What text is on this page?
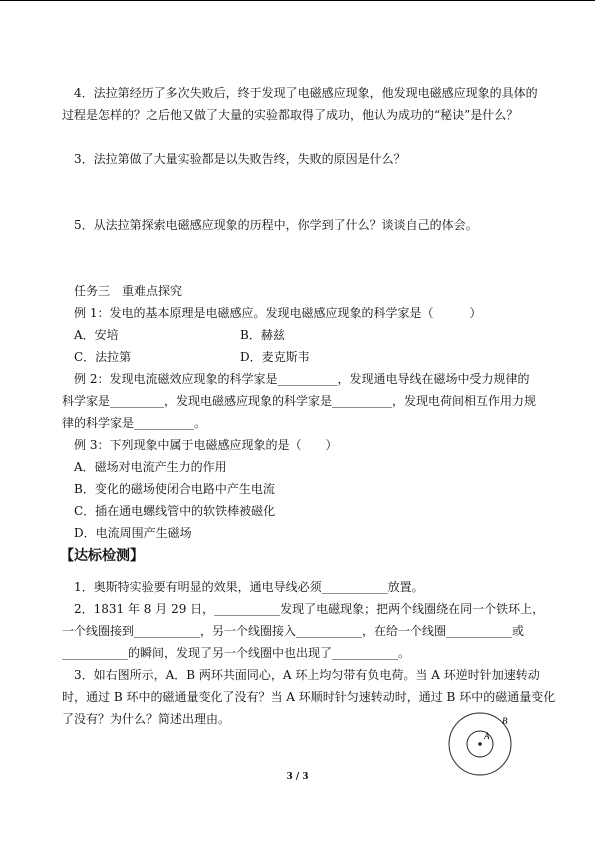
4．法拉第经历了多次失败后，终于发现了电磁感应现象，他发现电磁感应现象的具体的
过程是怎样的？之后他又做了大量的实验都取得了成功，他认为成功的“秘诀”是什么？
3．法拉第做了大量实验都是以失败告终，失败的原因是什么？
5．从法拉第探索电磁感应现象的历程中，你学到了什么？谈谈自己的体会。
任务三　重难点探究
例 1：发电的基本原理是电磁感应。发现电磁感应现象的科学家是（　　　）
A．安培	B．赫兹
C．法拉第	D．麦克斯韦
例 2：发现电流磁效应现象的科学家是__________，发现通电导线在磁场中受力规律的
科学家是_________，发现电磁感应现象的科学家是__________，发现电荷间相互作用力规
律的科学家是__________。
例 3：下列现象中属于电磁感应现象的是（　　）
A．磁场对电流产生力的作用
B．变化的磁场使闭合电路中产生电流
C．插在通电螺线管中的软铁棒被磁化
D．电流周围产生磁场
【达标检测】
1．奥斯特实验要有明显的效果，通电导线必须___________放置。
2．1831 年 8 月 29 日，___________发现了电磁现象；把两个线圈绕在同一个铁环上，
一个线圈接到___________，另一个线圈接入___________，在给一个线圈___________或
___________的瞬间，发现了另一个线圈中也出现了___________。
3．如右图所示，A．B 两环共面同心，A 环上均匀带有负电荷。当 A 环逆时针加速转动
时，通过 B 环中的磁通量变化了没有？当 A 环顺时针匀速转动时，通过 B 环中的磁通量变化
了没有？为什么？简述出理由。
A
B
3 / 3
